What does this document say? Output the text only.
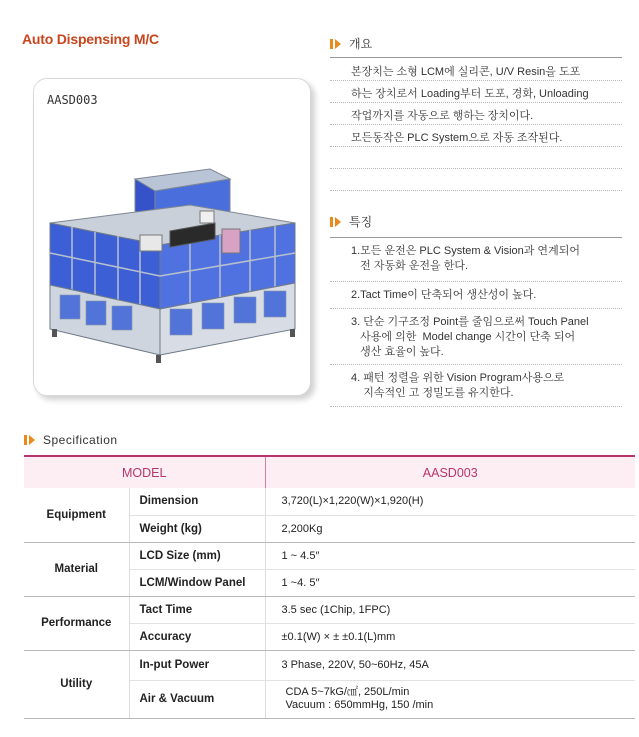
Auto Dispensing M/C
AASD003
개요
본장치는 소형 LCM에 실리콘, U/V Resin을 도포
하는 장치로서 Loading부터 도포, 경화, Unloading
작업까지를 자동으로 행하는 장치이다.
모든동작은 PLC System으로 자동 조작된다.
특징
1.모든 운전은 PLC System & Vision과 연계되어
전 자동화 운전을 한다.
2.Tact Time이 단축되어 생산성이 높다.
3. 단순 기구조정 Point를 줄임으로써 Touch Panel
사용에 의한  Model change 시간이 단축 되어
생산 효율이 높다.
4. 패턴 정렬을 위한 Vision Program사용으로
지속적인 고 정밀도를 유지한다.
Specification
MODEL		AASD003
Equipment	Dimension	3,720(L)×1,220(W)×1,920(H)
	Weight (kg)	2,200Kg
Material	LCD Size (mm)	1 ~ 4.5″
	LCM/Window Panel	1 ~4. 5″
Performance	Tact Time	3.5 sec (1Chip, 1FPC)
	Accuracy	±0.1(W) × ± ±0.1(L)mm
Utility	In-put Power	3 Phase, 220V, 50~60Hz, 45A
	Air & Vacuum	CDA 5~7kG/㎠, 250L/min
Vacuum : 650mmHg, 150 /min
